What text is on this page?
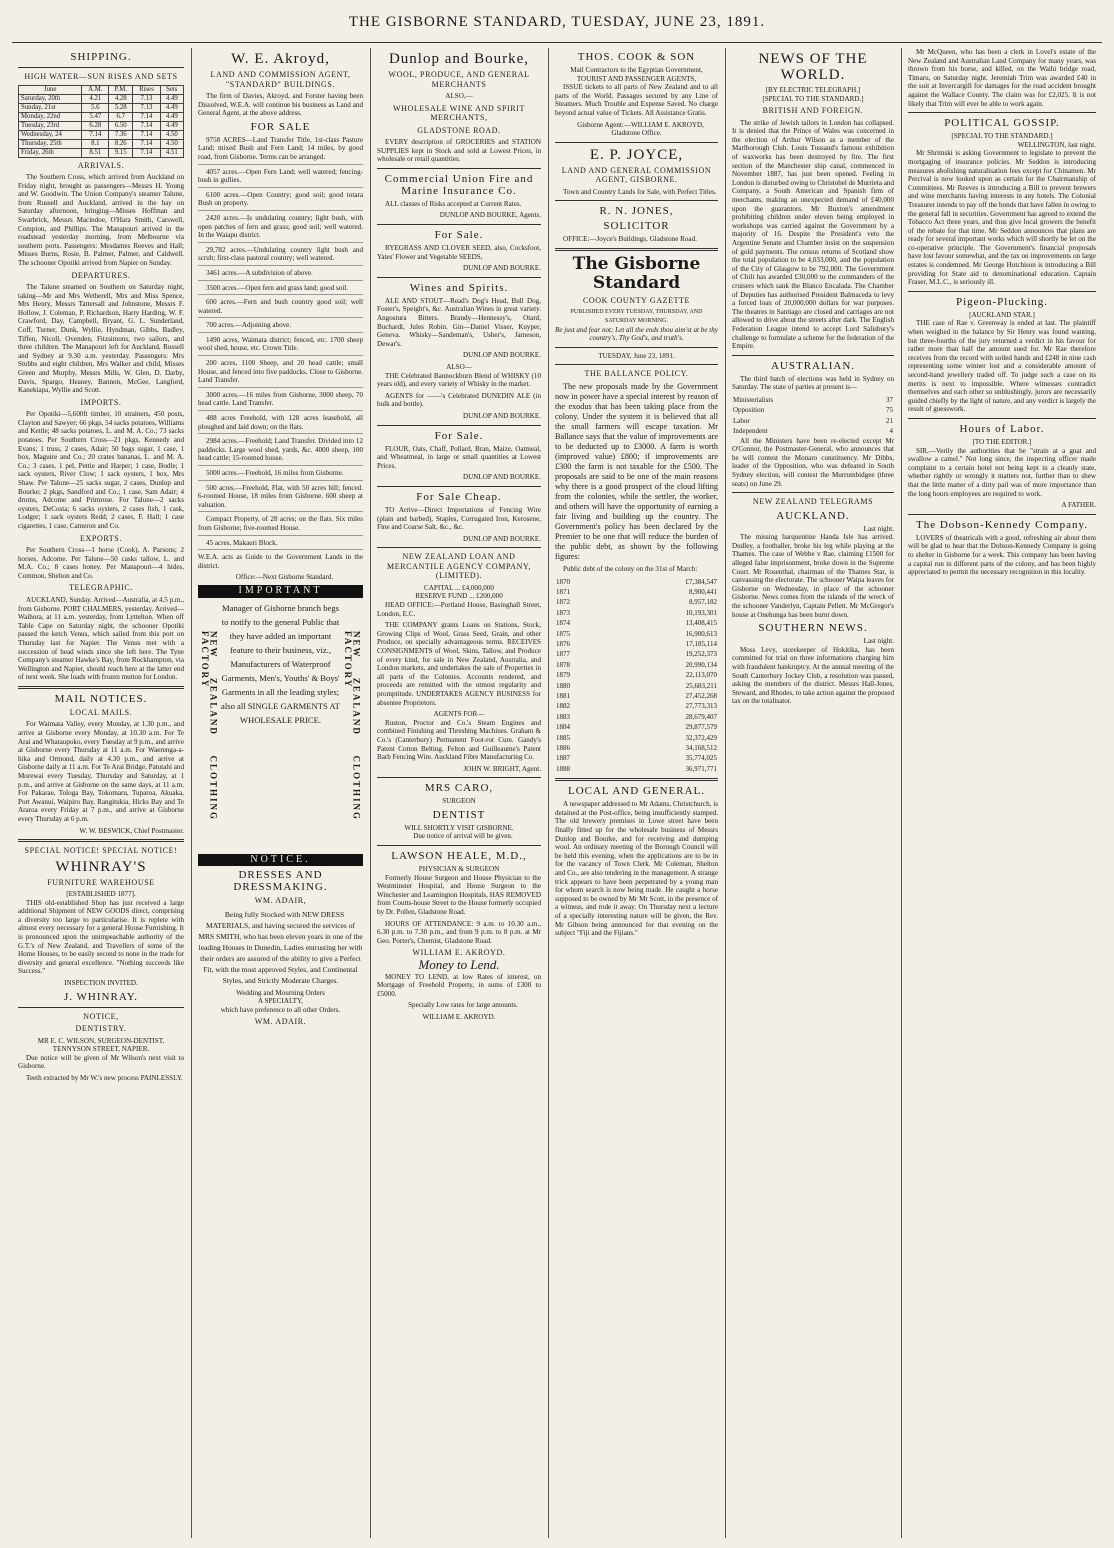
THE GISBORNE STANDARD, TUESDAY, JUNE 23, 1891.
SHIPPING.
HIGH WATER—SUN RISES AND SETS
June	A.M.	P.M.	Rises	Sets
Saturday, 20th	4.21	4.28	7.13	4.49
Sunday, 21st	5.6	5.28	7.13	4.49
Monday, 22nd	5.47	6.7	7.14	4.49
Tuesday, 23rd	6.28	6.50	7.14	4.49
Wednesday, 24	7.14	7.36	7.14	4.50
Thursday, 25th	8.1	8.26	7.14	4.50
Friday, 26th	8.51	9.15	7.14	4.51
ARRIVALS.

The Southern Cross, which arrived from Auckland on Friday night, brought as passengers—Messrs H. Young and W. Goodwin. The Union Company's steamer Talune, from Russell and Auckland, arrived in the bay on Saturday afternoon, bringing—Misses Hoffman and Swarbrick, Messrs Macindoe, O'Hara Smith, Carswell, Compion, and Phillips. The Manapouri arrived in the roadstead yesterday morning, from Melbourne via southern ports. Passengers: Mesdames Reeves and Hall; Misses Burns, Rosie, B. Palmer, Palmer, and Caldwell. The schooner Opotiki arrived from Napier on Sunday.

DEPARTURES.

The Talune steamed on Southern on Saturday night, taking—Mr and Mrs Wetherell, Mrs and Miss Spence, Mrs Henry, Messrs Tattersall and Johnstone, Messrs F. Hollow, J. Coleman, P. Richardson, Harry Harding, W. F. Crawford, Day, Campbell, Bryant, G. L. Sunderland, Coff, Turner, Dunk, Wyllie, Hyndman, Gibbs, Badley, Tiffen, Nicoll, Ovenden, Fitzsimons, two sailors, and three children. The Manapouri left for Auckland, Russell and Sydney at 9.30 a.m. yesterday. Passengers: Mrs Stubbs and eight children, Mrs Walker and child, Misses Green and Murphy, Messrs Mills, W. Glen, D. Darby, Davis, Spargo, Heaney, Bannon, McGee, Langford, Kanekiapa, Wyllie and Scott.

IMPORTS.

Per Opotiki—5,600ft timber, 10 strainers, 450 posts, Clayton and Sawyer; 66 pkgs, 54 sacks potatoes, Williams and Kettle; 48 sacks potatoes, L. and M. A. Co.; 73 sacks potatoes. Per Southern Cross—21 pkgs, Kennedy and Evans; 1 truss, 2 cases, Adair; 50 bags sugar, 1 case, 1 box, Maguire and Co.; 20 crates bananas, L. and M. A. Co.; 3 cases, 1 pel, Pettie and Harper; 1 case, Bodle; 1 sack oysters, River Clow; 1 sack oysters, 1 box, Mrs Shaw. Per Talune—25 sacks sugar, 2 cases, Dunlop and Bourke; 2 pkgs, Sandford and Co.; 1 case, Sam Adair; 4 drums, Adcome and Primrose. For Talune—2 sacks oysters, DeCosta; 6 sacks oysters, 2 cases fish, 1 cask, Lodger; 1 sack oysters Redd; 2 cases, F. Hall; 1 case cigarettes, 1 case, Cameron and Co.

EXPORTS.

Per Southern Cross—1 horse (Cook), A. Parsons; 2 horses, Adcome. Per Talune—50 casks tallow, L. and M.A. Co.; 8 cases honey. Per Manapouri—4 hides, Common, Shelton and Co.

TELEGRAPHIC.

AUCKLAND, Sunday. Arrived—Australia, at 4.5 p.m., from Gisborne. PORT CHALMERS, yesterday. Arrived—Waihora, at 11 a.m. yesterday, from Lyttelton. When off Table Cape on Saturday night, the schooner Opotiki passed the ketch Venus, which sailed from this port on Thursday last for Napier. The Venus met with a succession of head winds since she left here. The Tyne Company's steamer Hawke's Bay, from Rockhampton, via Wellington and Napier, should reach here at the latter end of next week. She loads with frozen mutton for London.

MAIL NOTICES.
LOCAL MAILS.

For Waimata Valley, every Monday, at 1.30 p.m., and arrive at Gisborne every Monday, at 10.30 a.m. For Te Arai and Whataupoko, every Tuesday at 9 p.m., and arrive at Gisborne every Thursday at 11 a.m. For Waerenga-a-hika and Ormond, daily at 4.30 p.m., and arrive at Gisborne daily at 11 a.m. For Te Arai Bridge, Patutahi and Morewai every Tuesday, Thursday and Saturday, at 1 p.m., and arrive at Gisborne on the same days, at 11 a.m. For Pakarae, Tologa Bay, Tokomaru, Tuparoa, Akuaka, Port Awanui, Waipiro Bay, Rangitukia, Hicks Bay and Te Araroa every Friday at 7 p.m., and arrive at Gisborne every Thursday at 6 p.m.

W. W. BESWICK, Chief Postmaster.

SPECIAL NOTICE! SPECIAL NOTICE!
WHINRAY'S
FURNITURE WAREHOUSE
[ESTABLISHED 1877].

THIS old-established Shop has just received a large additional Shipment of NEW GOODS direct, comprising a diversity too large to particularise. It is replete with almost every necessary for a general House Furnishing. It is pronounced upon the unimpeachable authority of the G.T.'s of New Zealand, and Travellers of some of the Home Houses, to be easily second to none in the trade for diversity and general excellence. "Nothing succeeds like Success."

INSPECTION INVITED.
J. WHINRAY.
NOTICE,
DENTISTRY.
MR E. C. WILSON, SURGEON-DENTIST, TENNYSON STREET, NAPIER.

Due notice will be given of Mr Wilson's next visit to Gisborne.

Teeth extracted by Mr W.'s new process PAINLESSLY.

W. E. Akroyd,
LAND AND COMMISSION AGENT, "STANDARD" BUILDINGS.

The firm of Davies, Akroyd, and Forster having been Dissolved, W.E.A. will continue his business as Land and General Agent, at the above address.

FOR SALE

9758 ACRES—Land Transfer Title, 1st-class Pasture Land; mixed Bush and Fern Land; 14 miles, by good road, from Gisborne. Terms can be arranged.

4057 acres.—Open Fern Land; well watered; fencing-bush in gullies.

6100 acres.—Open Country; good soil; good totara Bush on property.

2420 acres.—Is undulating country; light bush, with open patches of fern and grass; good soil; well watered. In the Waiapu district.

29,782 acres.—Undulating country light bush and scrub; first-class pastoral country; well watered.

3461 acres.—A subdivision of above.

3500 acres.—Open fern and grass land; good soil.

600 acres.—Fern and bush country good soil; well watered.

700 acres.—Adjoining above.

1490 acres, Waimata district; fenced, etc. 1700 sheep wool shed, house, etc. Crown Title.

200 acres, 1100 Sheep, and 20 head cattle; small House, and fenced into five paddocks. Close to Gisborne. Land Transfer.

3000 acres.—16 miles from Gisborne, 3000 sheep, 70 head cattle. Land Transfer.

488 acres Freehold, with 128 acres leasehold, all ploughed and laid down; on the flats.

2984 acres.—Freehold; Land Transfer. Divided into 12 paddocks. Large wool shed, yards, &c. 4000 sheep, 100 head cattle; 15-roomed house.

5000 acres.—Freehold, 16 miles from Gisborne.

500 acres.—Freehold, Flat, with 50 acres bill; fenced. 6-roomed House, 18 miles from Gisborne. 600 sheep at valuation.

Compact Property, of 28 acres; on the flats. Six miles from Gisborne; five-roomed House.

45 acres, Makauri Block.

W.E.A. acts as Guide to the Government Lands in the district.

Office:—Next Gisborne Standard.

IMPORTANT
NEW ZEALAND CLOTHING FACTORY	NEW ZEALAND CLOTHING FACTORY

Manager of Gisborne branch begs to notify to the general Public that they have added an important feature to their business, viz., Manufacturers of Waterproof Garments, Men's, Youths' & Boys' Garments in all the leading styles; also all SINGLE GARMENTS AT WHOLESALE PRICE.

NOTICE.
DRESSES AND DRESSMAKING.
WM. ADAIR,

Being fully Stocked with NEW DRESS MATERIALS, and having secured the services of MRS SMITH, who has been eleven years in one of the leading Houses in Dunedin, Ladies entrusting her with their orders are assured of the ability to give a Perfect Fit, with the most approved Styles, and Continental Styles, and Strictly Moderate Charges.

Wedding and Mourning Orders
A SPECIALTY,
which have preference to all other Orders.
WM. ADAIR.
Dunlop and Bourke,
WOOL, PRODUCE, AND GENERAL MERCHANTS
ALSO,—
WHOLESALE WINE AND SPIRIT MERCHANTS,
GLADSTONE ROAD.

EVERY description of GROCERIES and STATION SUPPLIES kept in Stock and sold at Lowest Prices, in wholesale or retail quantities.

Commercial Union Fire and Marine Insurance Co.

ALL classes of Risks accepted at Current Rates.

DUNLOP AND BOURKE, Agents.

For Sale.

RYEGRASS AND CLOVER SEED, also, Cocksfoot, Yates' Flower and Vegetable SEEDS,

DUNLOP AND BOURKE.

Wines and Spirits.

ALE AND STOUT—Read's Dog's Head, Bull Dog, Foster's, Speight's, &c. Australian Wines in great variety. Angostura Bitters. Brandy—Hennessy's, Otard, Buchardi, Jules Robin. Gin—Daniel Visser, Kuyper, Geneva. Whisky—Sandeman's, Usher's, Jameson, Dewar's.

DUNLOP AND BOURKE.

ALSO—

THE Celebrated Bannockburn Blend of WHISKY (10 years old), and every variety of Whisky in the market.

AGENTS for ——'s Celebrated DUNEDIN ALE (in bulk and bottle).

DUNLOP AND BOURKE.

For Sale.

FLOUR, Oats, Chaff, Pollard, Bran, Maize, Oatmeal, and Wheatmeal, in large or small quantities at Lowest Prices.

DUNLOP AND BOURKE.

For Sale Cheap.

TO Arrive—Direct Importations of Fencing Wire (plain and barbed), Staples, Corrugated Iron, Kerosene, Fine and Coarse Salt, &c., &c.

DUNLOP AND BOURKE.

NEW ZEALAND LOAN AND MERCANTILE AGENCY COMPANY, (LIMITED).
CAPITAL ... £4,000,000
RESERVE FUND ... £200,000

HEAD OFFICE:—Portland House, Basinghall Street, London, E.C.

THE COMPANY grants Loans on Stations, Stock, Growing Clips of Wool, Grass Seed, Grain, and other Produce, on specially advantageous terms. RECEIVES CONSIGNMENTS of Wool, Skins, Tallow, and Produce of every kind, for sale in New Zealand, Australia, and London markets, and undertakes the sale of Properties in all parts of the Colonies. Accounts rendered, and proceeds are remitted with the utmost regularity and promptitude. UNDERTAKES AGENCY BUSINESS for absentee Proprietors.

AGENTS FOR—

Ruston, Proctor and Co.'s Steam Engines and combined Finishing and Threshing Machines. Graham & Co.'s (Canterbury) Permanent Foot-rot Cure. Gandy's Patent Cotton Belting. Felton and Guilleaume's Patent Barb Fencing Wire. Auckland Fibre Manufacturing Co.

JOHN W. BRIGHT, Agent.

MRS CARO,
SURGEON
DENTIST
WILL SHORTLY VISIT GISBORNE.

Due notice of arrival will be given.

LAWSON HEALE, M.D.,
PHYSICIAN & SURGEON

Formerly House Surgeon and House Physician to the Westminster Hospital, and House Surgeon to the Winchester and Leamington Hospitals, HAS REMOVED from Coutts-house Street to the House formerly occupied by Dr. Pollen, Gladstone Road.

HOURS OF ATTENDANCE: 9 a.m. to 10.30 a.m., 6.30 p.m. to 7.30 p.m., and from 9 p.m. to 8 p.m. at Mr Geo. Porter's, Chemist, Gladstone Road.

WILLIAM E. AKROYD.
Money to Lend.

MONEY TO LEND, at low Rates of interest, on Mortgage of Freehold Property, in sums of £300 to £5000.

Specially Low rates for large amounts.

WILLIAM E. AKROYD.
THOS. COOK & SON
Mail Contractors to the Egyptian Government, TOURIST AND PASSENGER AGENTS,

ISSUE tickets to all parts of New Zealand and to all parts of the World. Passages secured by any Line of Steamers. Much Trouble and Expense Saved. No charge beyond actual value of Tickets. All Assistance Gratis.

Gisborne Agent:—WILLIAM E. AKROYD, Gladstone Office.

E. P. JOYCE,
LAND AND GENERAL COMMISSION AGENT, GISBORNE.

Town and Country Lands for Sale, with Perfect Titles.

R. N. JONES,
SOLICITOR

OFFICE:—Joyce's Buildings, Gladstone Road.

The Gisborne Standard
COOK COUNTY GAZETTE
PUBLISHED EVERY TUESDAY, THURSDAY, AND SATURDAY MORNING.
Be just and fear not; Let all the ends thou aim'st at be thy country's, Thy God's, and truth's.
TUESDAY, June 23, 1891.
THE BALLANCE POLICY.

The new proposals made by the Government now in power have a special interest by reason of the exodus that has been taking place from the colony. Under the system it is believed that all the small farmers will escape taxation. Mr Ballance says that the value of improvements are to be deducted up to £3000. A farm is worth (improved value) £800; if improvements are £300 the farm is not taxable for the £500. The proposals are said to be one of the main reasons why there is a good prospect of the cloud lifting from the colonies, while the settler, the worker, and others will have the opportunity of earning a fair living and building up the country. The Government's policy has been declared by the Premier to be one that will reduce the burden of the public debt, as shown by the following figures:

Public debt of the colony on the 31st of March:

1870	£7,384,547
1871	8,900,441
1872	8,957,182
1873	10,193,301
1874	13,408,415
1875	16,900,613
1876	17,185,114
1877	19,252,373
1878	20,990,134
1879	22,113,070
1880	25,683,211
1881	27,452,268
1882	27,773,313
1883	28,679,407
1884	29,877,579
1885	32,372,429
1886	34,168,512
1887	35,774,025
1888	36,971,771
LOCAL AND GENERAL.

A newspaper addressed to Mr Adams, Christchurch, is detained at the Post-office, being insufficiently stamped. The old brewery premises in Lowe street have been finally fitted up for the wholesale business of Messrs Dunlop and Bourke, and for receiving and dumping wool. An ordinary meeting of the Borough Council will be held this evening, when the applications are to be in for the vacancy of Town Clerk. Mr Coleman, Shelton and Co., are also tendering in the management. A strange trick appears to have been perpetrated by a young man for whom search is now being made. He caught a horse supposed to be owned by Mr Mr Scott, in the presence of a witness, and rode it away. On Thursday next a lecture of a specially interesting nature will be given, the Rev. Mr Gibson being announced for that evening on the subject "Fiji and the Fijians."

NEWS OF THE WORLD.
[BY ELECTRIC TELEGRAPH.]
[SPECIAL TO THE STANDARD.]
BRITISH AND FOREIGN.

The strike of Jewish tailors in London has collapsed. It is denied that the Prince of Wales was concerned in the election of Arthur Wilson as a member of the Marlborough Club. Louis Tussaud's famous exhibition of waxworks has been destroyed by fire. The first section of the Manchester ship canal, commenced in November 1887, has just been opened. Feeling in London is disturbed owing to Christobel de Murrieta and Company, a South American and Spanish firm of merchants, making an unexpected demand of £40,000 upon the guarantors. Mr Buxton's amendment prohibiting children under eleven being employed in workshops was carried against the Government by a majority of 16. Despite the President's veto the Argentine Senate and Chamber insist on the suspension of gold payments. The census returns of Scotland show the total population to be 4,033,000, and the population of the City of Glasgow to be 792,000. The Government of Chili has awarded £30,000 to the commanders of the cruisers which sank the Blanco Encalada. The Chamber of Deputies has authorised President Balmaceda to levy a forced loan of 20,000,000 dollars for war purposes. The theatres in Santiago are closed and carriages are not allowed to drive about the streets after dark. The English Federation League intend to accept Lord Salisbury's challenge to formulate a scheme for the federation of the Empire.

AUSTRALIAN.

The third batch of elections was held in Sydney on Saturday. The state of parties at present is—

Ministerialists	37
Opposition	75
Labor	21
Independent	4

All the Ministers have been re-elected except Mr O'Connor, the Postmaster-General, who announces that he will contest the Monaro constituency. Mr Dibbs, leader of the Opposition, who was defeated in South Sydney election, will contest the Murrumbidgee (three seats) on June 29.

NEW ZEALAND TELEGRAMS
AUCKLAND.
Last night.

The missing barquentine Handa Isle has arrived. Dudley, a footballer, broke his leg while playing at the Thames. The case of Webbe v Rae, claiming £1500 for alleged false imprisonment, broke down in the Supreme Court. Mr Rosenthal, chairman of the Thames Star, is canvassing the electorate. The schooner Waipa leaves for Gisborne on Wednesday, in place of the schooner Gisborne. News comes from the islands of the wreck of the schooner Vanderlyn, Captain Pellett. Mr McGregor's house at Onehunga has been burnt down.

SOUTHERN NEWS.
Last night.

Moss Levy, storekeeper of Hokitika, has been committed for trial on three informations charging him with fraudulent bankruptcy. At the annual meeting of the South Canterbury Jockey Club, a resolution was passed, asking the members of the district. Messrs Hall-Jones, Steward, and Rhodes, to take action against the proposed tax on the totalisator.

Mr McQueen, who has been a clerk in Lovel's estate of the New Zealand and Australian Land Company for many years, was thrown from his horse, and killed, on the Waihi bridge road, Timaru, on Saturday night. Jeremiah Trim was awarded £40 in the suit at Invercargill for damages for the road accident brought against the Wallace County. The claim was for £2,025. It is not likely that Trim will ever be able to work again.

POLITICAL GOSSIP.
[SPECIAL TO THE STANDARD.]
WELLINGTON, last night.

Mr Shrimski is asking Government to legislate to prevent the mortgaging of insurance policies. Mr Seddon is introducing measures abolishing naturalisation fees except for Chinamen. Mr Percival is now looked upon as certain for the Chairmanship of Committees. Mr Reeves is introducing a Bill to prevent brewers and wine merchants having interests in any hotels. The Colonial Treasurer intends to pay off the bonds that have fallen in owing to the general fall in securities. Government has agreed to extend the Tobacco Act three years, and thus give local growers the benefit of the rebate for that time. Mr Seddon announces that plans are ready for several important works which will shortly be let on the co-operative principle. The Government's financial proposals have lost favour somewhat, and the tax on improvements on large estates is condemned. Mr George Hutchison is introducing a Bill providing for State aid to denominational education. Captain Fraser, M.L.C., is seriously ill.

Pigeon-Plucking.
[AUCKLAND STAR.]

THE case of Rae v. Greenway is ended at last. The plaintiff when weighed in the balance by Sir Henry was found wanting, but three-fourths of the jury returned a verdict in his favour for rather more than half the amount sued for. Mr Rae therefore receives from the record with soiled hands and £248 in nine cash representing some winner lost and a considerable amount of second-hand jewellery traded off. To judge such a case on its merits is next to impossible. Where witnesses contradict themselves and each other so unblushingly, jurors are necessarily guided chiefly by the light of nature, and any verdict is largely the result of guesswork.

Hours of Labor.
[TO THE EDITOR.]

SIR,—Verily the authorities that be "strain at a gnat and swallow a camel." Not long since, the inspecting officer made complaint to a certain hotel not being kept in a cleanly state, whether rightly or wrongly it matters not, further than to shew that the little matter of a dirty pail was of more importance than the long hours employees are required to work.

A FATHER.

The Dobson-Kennedy Company.

LOVERS of theatricals with a good, refreshing air about them will be glad to hear that the Dobson-Kennedy Company is going to shelter in Gisborne for a week. This company has been having a capital run in different parts of the colony, and has been highly appreciated to permit the necessary recognition in this locality.
